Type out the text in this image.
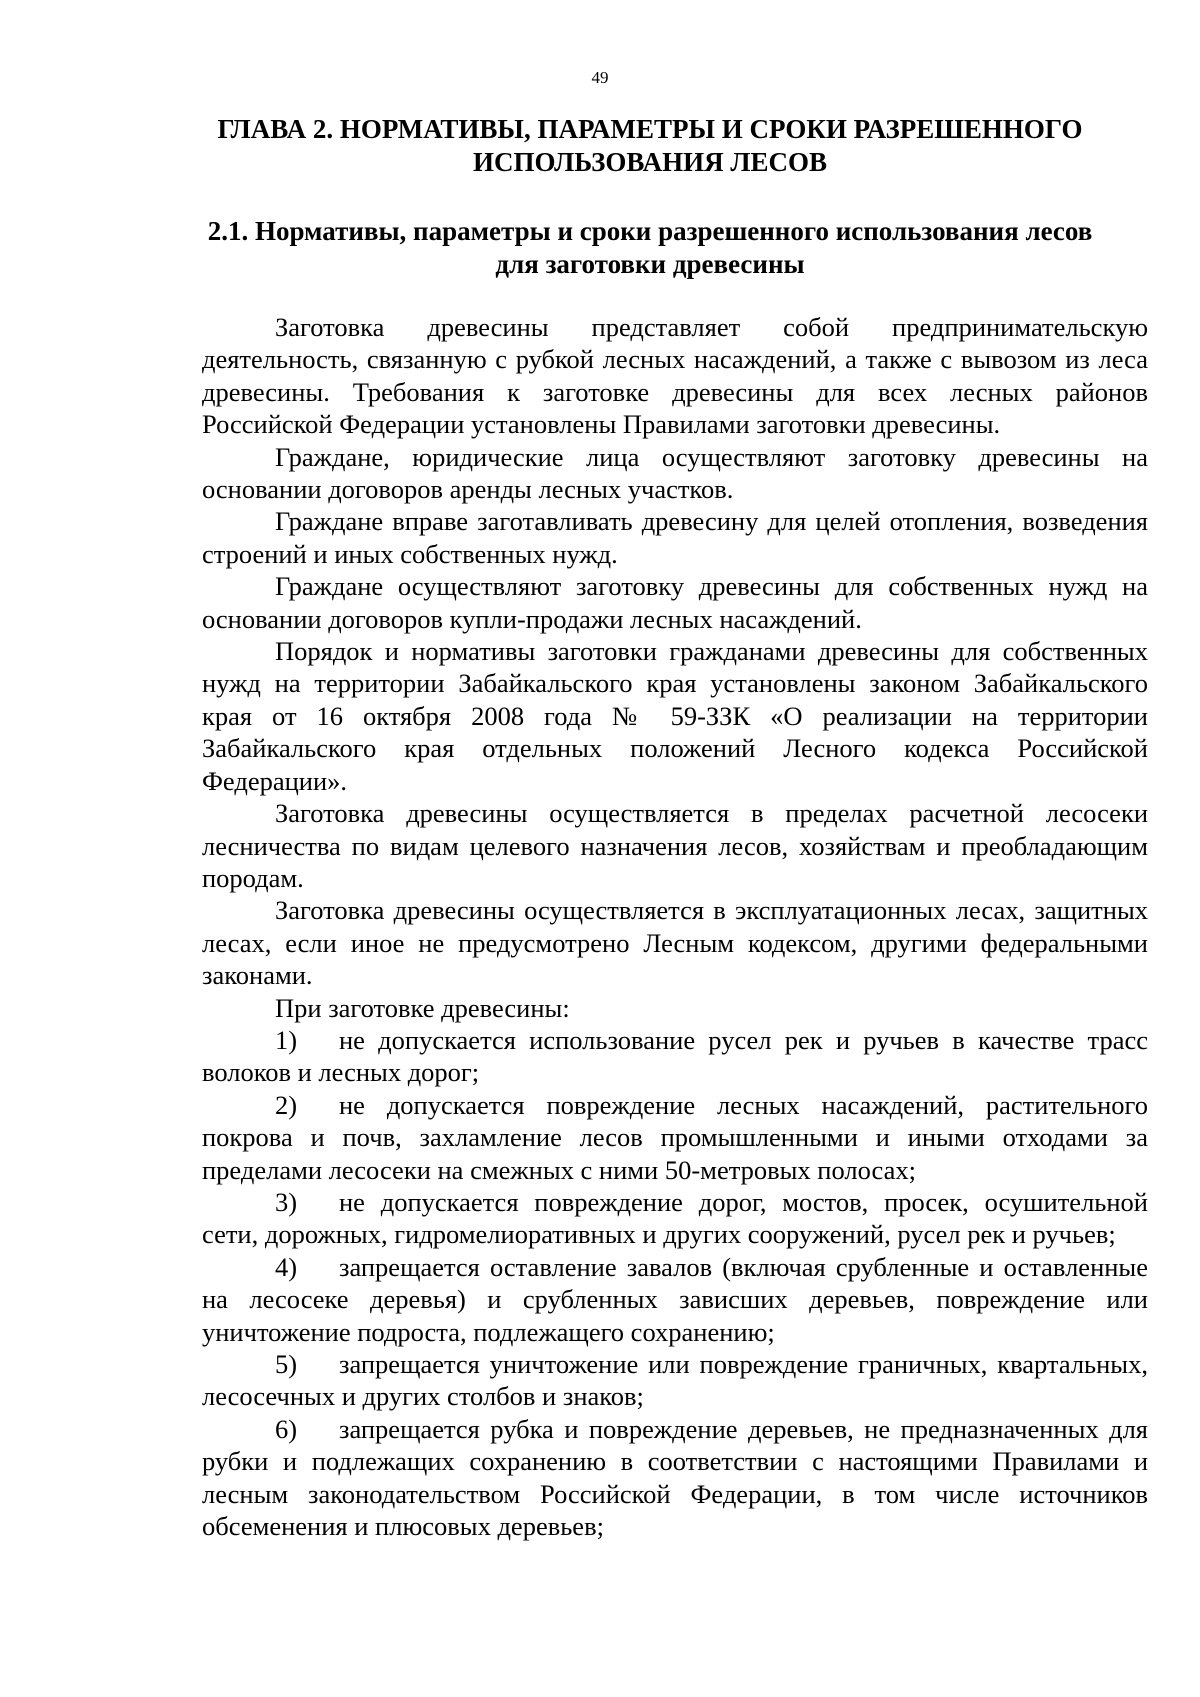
49
ГЛАВА 2. НОРМАТИВЫ, ПАРАМЕТРЫ И СРОКИ РАЗРЕШЕННОГО ИСПОЛЬЗОВАНИЯ ЛЕСОВ
2.1. Нормативы, параметры и сроки разрешенного использования лесов для заготовки древесины

Заготовка древесины представляет собой предпринимательскую деятельность, связанную с рубкой лесных насаждений, а также с вывозом из леса древесины. Требования к заготовке древесины для всех лесных районов Российской Федерации установлены Правилами заготовки древесины.

Граждане, юридические лица осуществляют заготовку древесины на основании договоров аренды лесных участков.

Граждане вправе заготавливать древесину для целей отопления, возведения строений и иных собственных нужд.

Граждане осуществляют заготовку древесины для собственных нужд на основании договоров купли-продажи лесных насаждений.

Порядок и нормативы заготовки гражданами древесины для собственных нужд на территории Забайкальского края установлены законом Забайкальского края от 16 октября 2008 года № 59-ЗЗК «О реализации на территории Забайкальского края отдельных положений Лесного кодекса Российской Федерации».

Заготовка древесины осуществляется в пределах расчетной лесосеки лесничества по видам целевого назначения лесов, хозяйствам и преобладающим породам.

Заготовка древесины осуществляется в эксплуатационных лесах, защитных лесах, если иное не предусмотрено Лесным кодексом, другими федеральными законами.

При заготовке древесины:

1) не допускается использование русел рек и ручьев в качестве трасс волоков и лесных дорог;

2) не допускается повреждение лесных насаждений, растительного покрова и почв, захламление лесов промышленными и иными отходами за пределами лесосеки на смежных с ними 50-метровых полосах;

3) не допускается повреждение дорог, мостов, просек, осушительной сети, дорожных, гидромелиоративных и других сооружений, русел рек и ручьев;

4) запрещается оставление завалов (включая срубленные и оставленные на лесосеке деревья) и срубленных зависших деревьев, повреждение или уничтожение подроста, подлежащего сохранению;

5) запрещается уничтожение или повреждение граничных, квартальных, лесосечных и других столбов и знаков;

6) запрещается рубка и повреждение деревьев, не предназначенных для рубки и подлежащих сохранению в соответствии с настоящими Правилами и лесным законодательством Российской Федерации, в том числе источников обсеменения и плюсовых деревьев;
